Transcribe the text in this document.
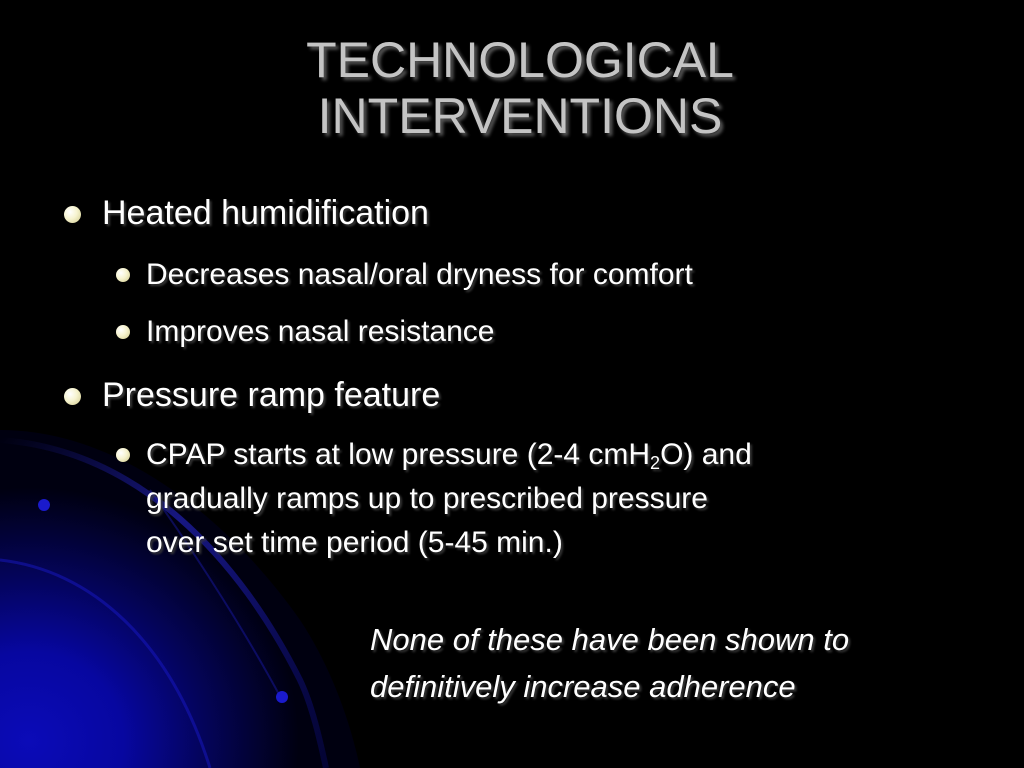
TECHNOLOGICAL
INTERVENTIONS
Heated humidification
Decreases nasal/oral dryness for comfort
Improves nasal resistance
Pressure ramp feature
CPAP starts at low pressure (2-4 cmH$_2$O) and
gradually ramps up to prescribed pressure
over set time period (5-45 min.)
None of these have been shown to
definitively increase adherence
